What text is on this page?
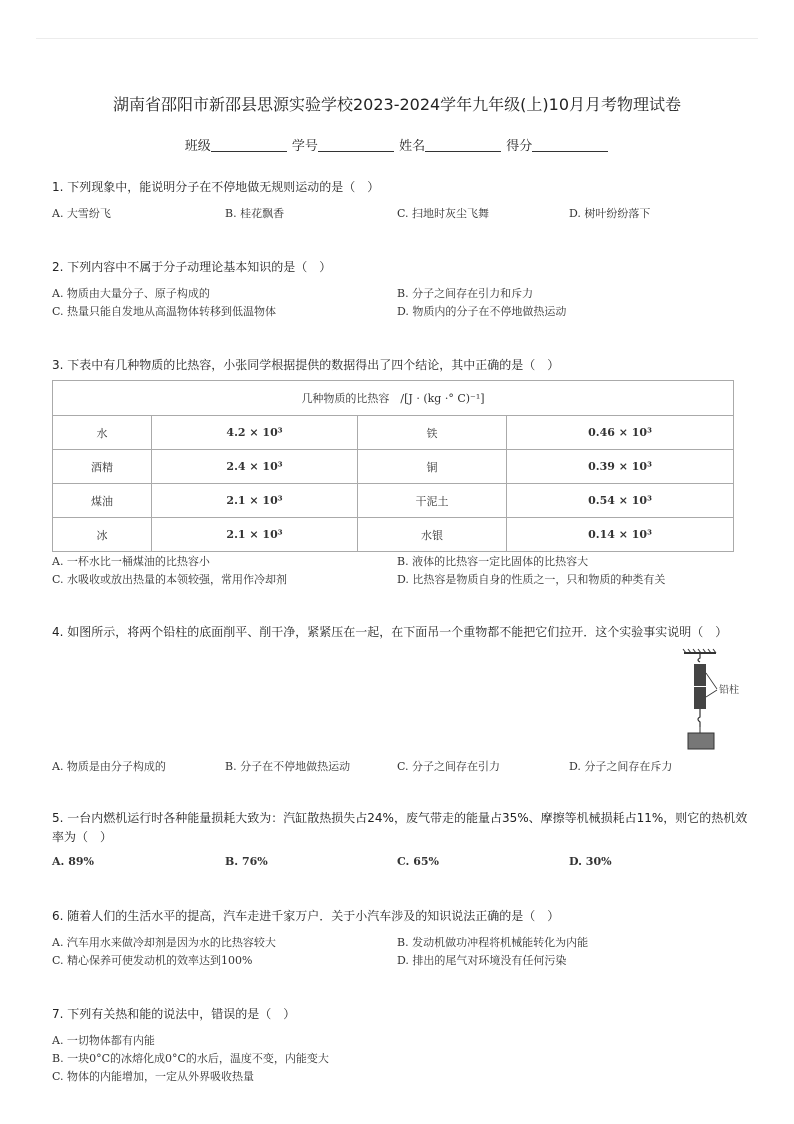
湖南省邵阳市新邵县思源实验学校2023-2024学年九年级(上)10月月考物理试卷
班级	学号	姓名	得分
1. 下列现象中，能说明分子在不停地做无规则运动的是（　）
A. 大雪纷飞	B. 桂花飘香	C. 扫地时灰尘飞舞	D. 树叶纷纷落下
2. 下列内容中不属于分子动理论基本知识的是（　）
A. 物质由大量分子、原子构成的	B. 分子之间存在引力和斥力
C. 热量只能自发地从高温物体转移到低温物体	D. 物质内的分子在不停地做热运动
3. 下表中有几种物质的比热容，小张同学根据提供的数据得出了四个结论，其中正确的是（　）
几种物质的比热容　/[J · (kg ·° C)⁻¹]			
水	4.2 × 10³	铁	0.46 × 10³
酒精	2.4 × 10³	铜	0.39 × 10³
煤油	2.1 × 10³	干泥土	0.54 × 10³
冰	2.1 × 10³	水银	0.14 × 10³
A. 一杯水比一桶煤油的比热容小	B. 液体的比热容一定比固体的比热容大
C. 水吸收或放出热量的本领较强，常用作冷却剂	D. 比热容是物质自身的性质之一，只和物质的种类有关
4. 如图所示，将两个铅柱的底面削平、削干净，紧紧压在一起，在下面吊一个重物都不能把它们拉开．这个实验事实说明（　）
铅柱
A. 物质是由分子构成的	B. 分子在不停地做热运动	C. 分子之间存在引力	D. 分子之间存在斥力
5. 一台内燃机运行时各种能量损耗大致为：汽缸散热损失占24%，废气带走的能量占35%、摩擦等机械损耗占11%，则它的热机效
率为（　）
A. 89%	B. 76%	C. 65%	D. 30%
6. 随着人们的生活水平的提高，汽车走进千家万户．关于小汽车涉及的知识说法正确的是（　）
A. 汽车用水来做冷却剂是因为水的比热容较大	B. 发动机做功冲程将机械能转化为内能
C. 精心保养可使发动机的效率达到100%	D. 排出的尾气对环境没有任何污染
7. 下列有关热和能的说法中，错误的是（　）
A. 一切物体都有内能
B. 一块0°C的冰熔化成0°C的水后，温度不变，内能变大
C. 物体的内能增加，一定从外界吸收热量
